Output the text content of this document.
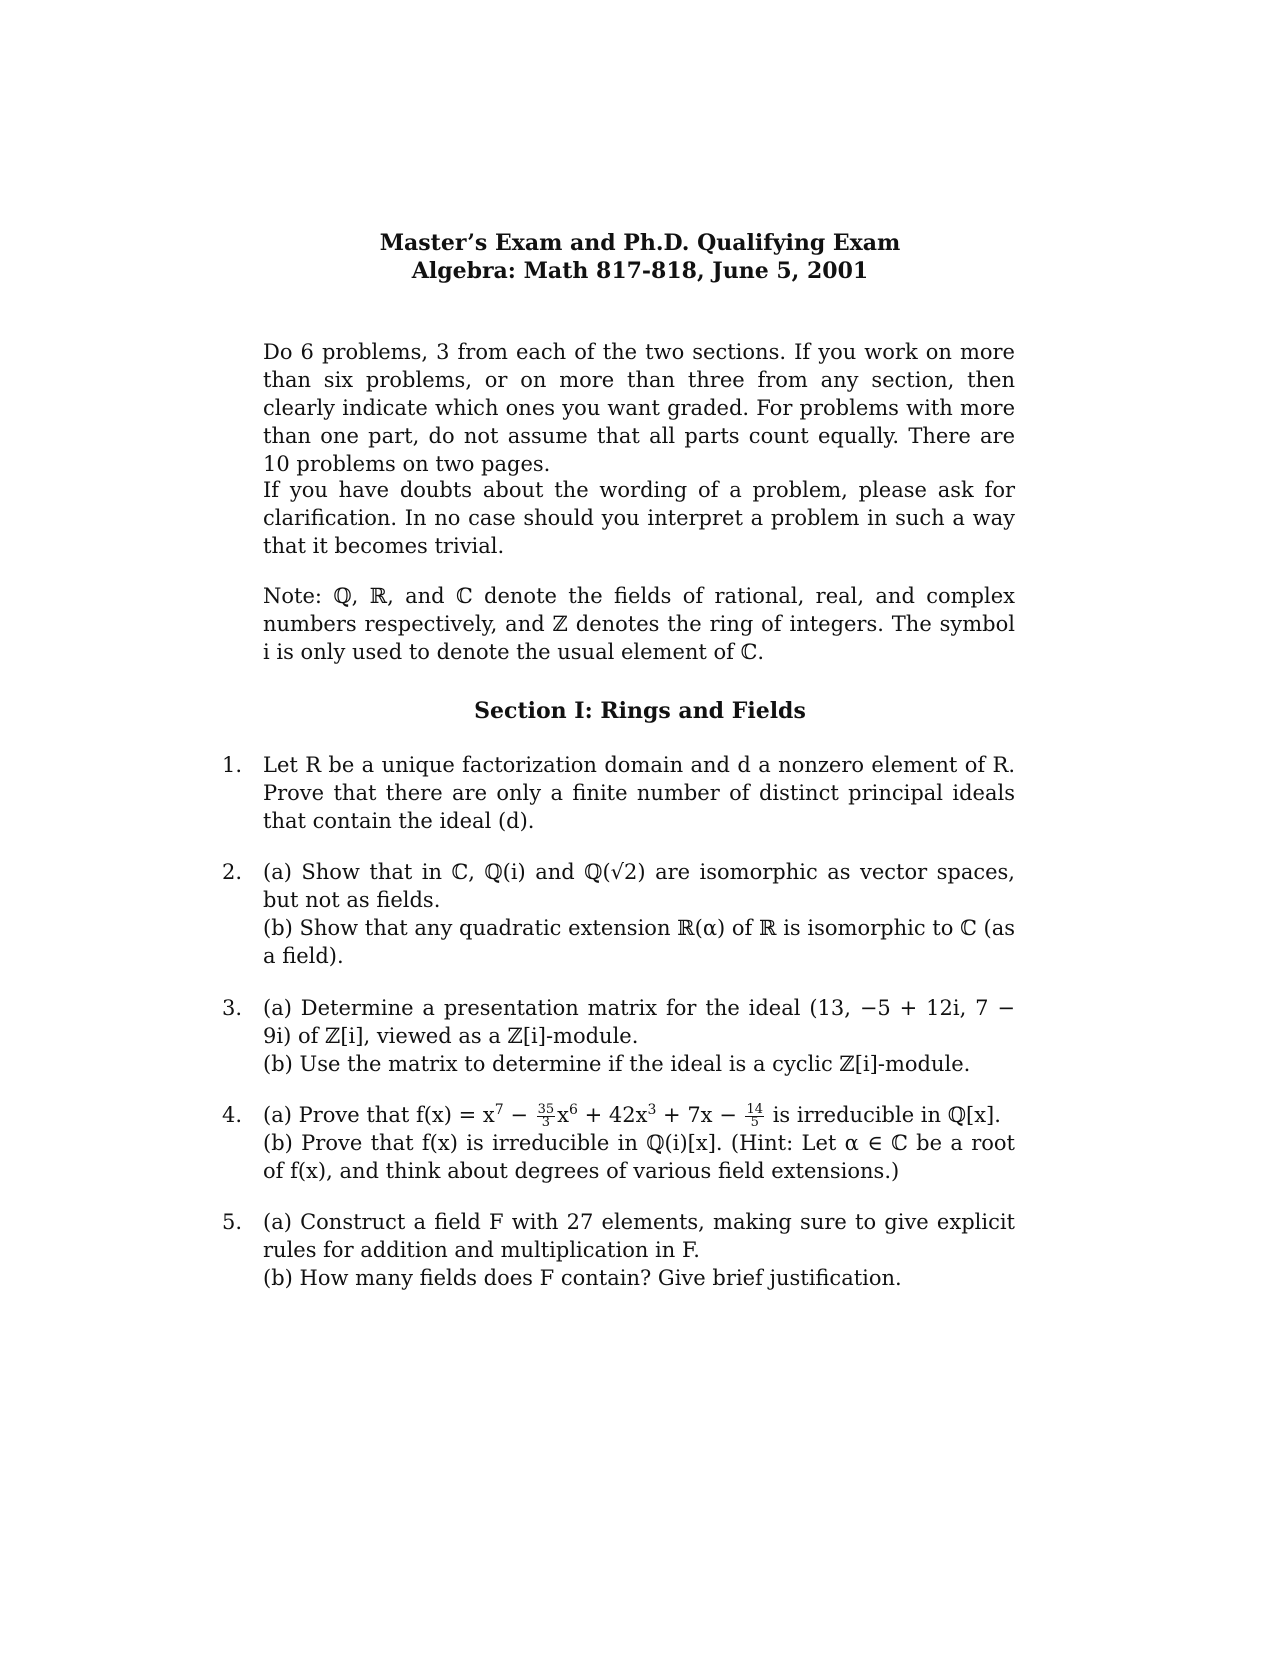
Master’s Exam and Ph.D. Qualifying Exam
Algebra: Math 817-818, June 5, 2001
Do 6 problems, 3 from each of the two sections. If you work on more than six problems, or on more than three from any section, then clearly indicate which ones you want graded. For problems with more than one part, do not assume that all parts count equally. There are 10 problems on two pages.
If you have doubts about the wording of a problem, please ask for clarification. In no case should you interpret a problem in such a way that it becomes trivial.
Note: ℚ, ℝ, and ℂ denote the fields of rational, real, and complex numbers respectively, and ℤ denotes the ring of integers. The symbol i is only used to denote the usual element of ℂ.
Section I: Rings and Fields
1. Let R be a unique factorization domain and d a nonzero element of R. Prove that there are only a finite number of distinct principal ideals that contain the ideal (d).
2. (a) Show that in ℂ, ℚ(i) and ℚ(√2) are isomorphic as vector spaces, but not as fields.
(b) Show that any quadratic extension ℝ(α) of ℝ is isomorphic to ℂ (as a field).
3. (a) Determine a presentation matrix for the ideal (13, −5 + 12i, 7 − 9i) of ℤ[i], viewed as a ℤ[i]-module.
(b) Use the matrix to determine if the ideal is a cyclic ℤ[i]-module.
4. (a) Prove that $f(x) = x^7 - \frac{35}{3} x^6 + 42x^3 + 7x - \frac{14}{5}$ is irreducible in ℚ[x].
(b) Prove that f(x) is irreducible in ℚ(i)[x]. (Hint: Let α ∈ ℂ be a root of f(x), and think about degrees of various field extensions.)
5. (a) Construct a field F with 27 elements, making sure to give explicit rules for addition and multiplication in F.
(b) How many fields does F contain? Give brief justification.
